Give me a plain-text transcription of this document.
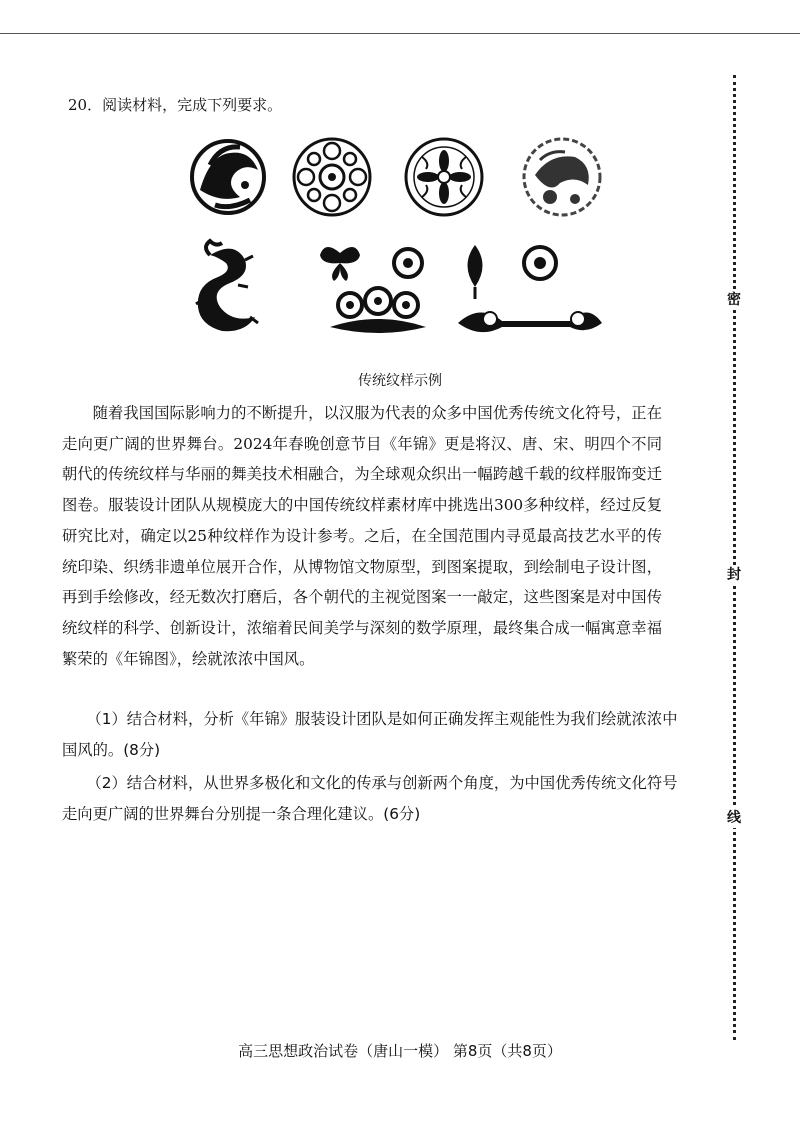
密
封
线
20．阅读材料，完成下列要求。
传统纹样示例

随着我国国际影响力的不断提升，以汉服为代表的众多中国优秀传统文化符号，正在走向更广阔的世界舞台。2024年春晚创意节目《年锦》更是将汉、唐、宋、明四个不同朝代的传统纹样与华丽的舞美技术相融合，为全球观众织出一幅跨越千载的纹样服饰变迁图卷。服装设计团队从规模庞大的中国传统纹样素材库中挑选出300多种纹样，经过反复研究比对，确定以25种纹样作为设计参考。之后，在全国范围内寻觅最高技艺水平的传统印染、织绣非遗单位展开合作，从博物馆文物原型，到图案提取，到绘制电子设计图，再到手绘修改，经无数次打磨后，各个朝代的主视觉图案一一敲定，这些图案是对中国传统纹样的科学、创新设计，浓缩着民间美学与深刻的数学原理，最终集合成一幅寓意幸福繁荣的《年锦图》，绘就浓浓中国风。

（1）结合材料，分析《年锦》服装设计团队是如何正确发挥主观能性为我们绘就浓浓中国风的。(8分)

（2）结合材料，从世界多极化和文化的传承与创新两个角度，为中国优秀传统文化符号走向更广阔的世界舞台分别提一条合理化建议。(6分)

高三思想政治试卷（唐山一模） 第8页（共8页）
